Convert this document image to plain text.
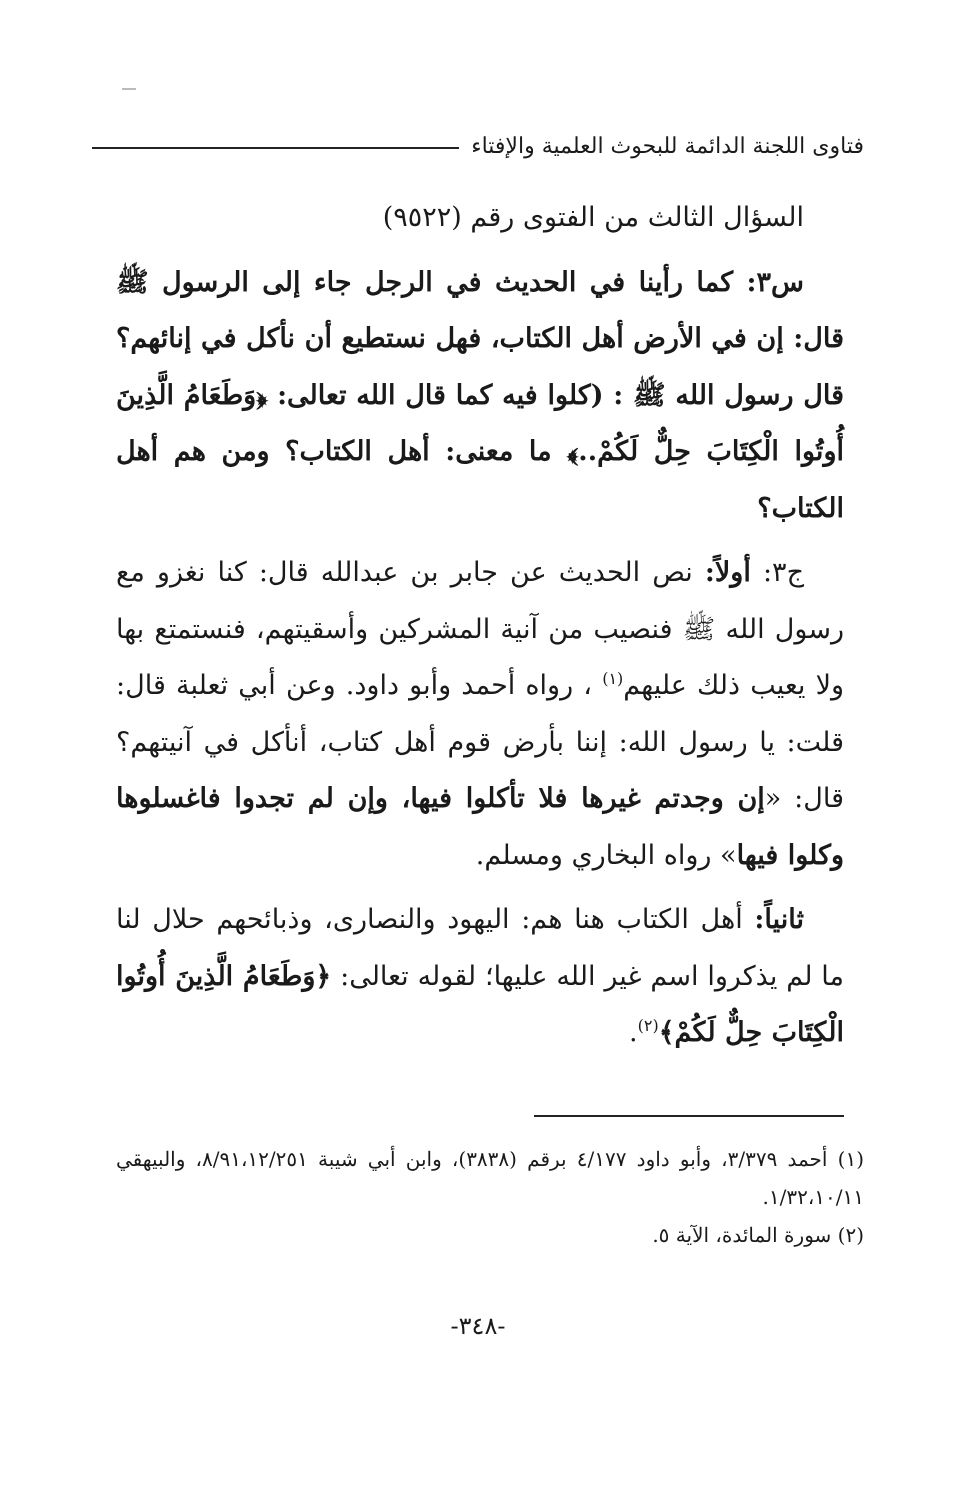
فتاوى اللجنة الدائمة للبحوث العلمية والإفتاء

السؤال الثالث من الفتوى رقم (٩٥٢٢)

س٣: كما رأينا في الحديث في الرجل جاء إلى الرسول ﷺ قال: إن في الأرض أهل الكتاب، فهل نستطيع أن نأكل في إنائهم؟ قال رسول الله ﷺ : (كلوا فيه كما قال الله تعالى: ﴿وَطَعَامُ الَّذِينَ أُوتُوا الْكِتَابَ حِلٌّ لَكُمْ..﴾ ما معنى: أهل الكتاب؟ ومن هم أهل الكتاب؟

ج٣: أولاً: نص الحديث عن جابر بن عبدالله قال: كنا نغزو مع رسول الله ﷺ فنصيب من آنية المشركين وأسقيتهم، فنستمتع بها ولا يعيب ذلك عليهم$^{(١)}$ ، رواه أحمد وأبو داود. وعن أبي ثعلبة قال: قلت: يا رسول الله: إننا بأرض قوم أهل كتاب، أنأكل في آنيتهم؟ قال: «إن وجدتم غيرها فلا تأكلوا فيها، وإن لم تجدوا فاغسلوها وكلوا فيها» رواه البخاري ومسلم.

ثانياً: أهل الكتاب هنا هم: اليهود والنصارى، وذبائحهم حلال لنا ما لم يذكروا اسم غير الله عليها؛ لقوله تعالى: ﴿وَطَعَامُ الَّذِينَ أُوتُوا الْكِتَابَ حِلٌّ لَكُمْ﴾$^{(٢)}$.

(١) أحمد ٣/٣٧٩، وأبو داود ٤/١٧٧ برقم (٣٨٣٨)، وابن أبي شيبة ٨/٩١،١٢/٢٥١، والبيهقي ١/٣٢،١٠/١١.

(٢) سورة المائدة، الآية ٥.

-٣٤٨-
